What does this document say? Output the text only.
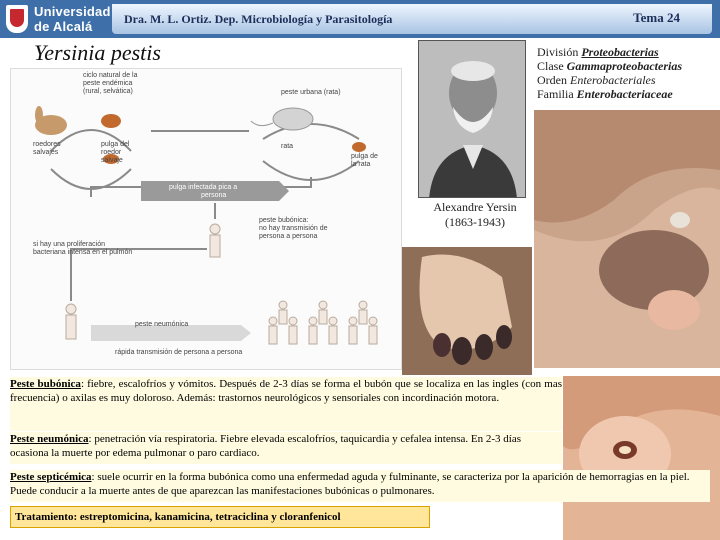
Universidad
de Alcalá	Dra. M. L. Ortiz. Dep. Microbiología y Parasitología	Tema 24
Yersinia pestis
ciclo natural de la
peste endémica
(rural, selvática)
roedores
salvajes
pulga del
roedor
salvaje
peste urbana (rata)
rata
pulga de
la rata
pulga infectada pica a
persona
peste bubónica:
no hay transmisión de
persona a persona
si hay una proliferación
bacteriana intensa en el pulmón
peste neumónica
rápida transmisión de persona a persona
Alexandre Yersin
(1863-1943)
División Proteobacterias
Clase Gammaproteobacterias
Orden Enterobacteriales
Familia Enterobacteriaceae
Peste bubónica: fiebre, escalofríos y vómitos. Después de 2-3 días se forma el bubón que se localiza en las ingles (con mas frecuencia) o axilas es muy doloroso. Además: trastornos neurológicos y sensoriales con incordinación motora.
Peste neumónica: penetración vía respiratoria. Fiebre elevada escalofríos, taquicardia y cefalea intensa. En 2-3 días ocasiona la muerte por edema pulmonar o paro cardiaco.
Peste septicémica: suele ocurrir en la forma bubónica como una enfermedad aguda y fulminante, se caracteriza por la aparición de hemorragias en la piel. Puede conducir a la muerte antes de que aparezcan las manifestaciones bubónicas o pulmonares.
Tratamiento: estreptomicina, kanamicina, tetraciclina y cloranfenicol
